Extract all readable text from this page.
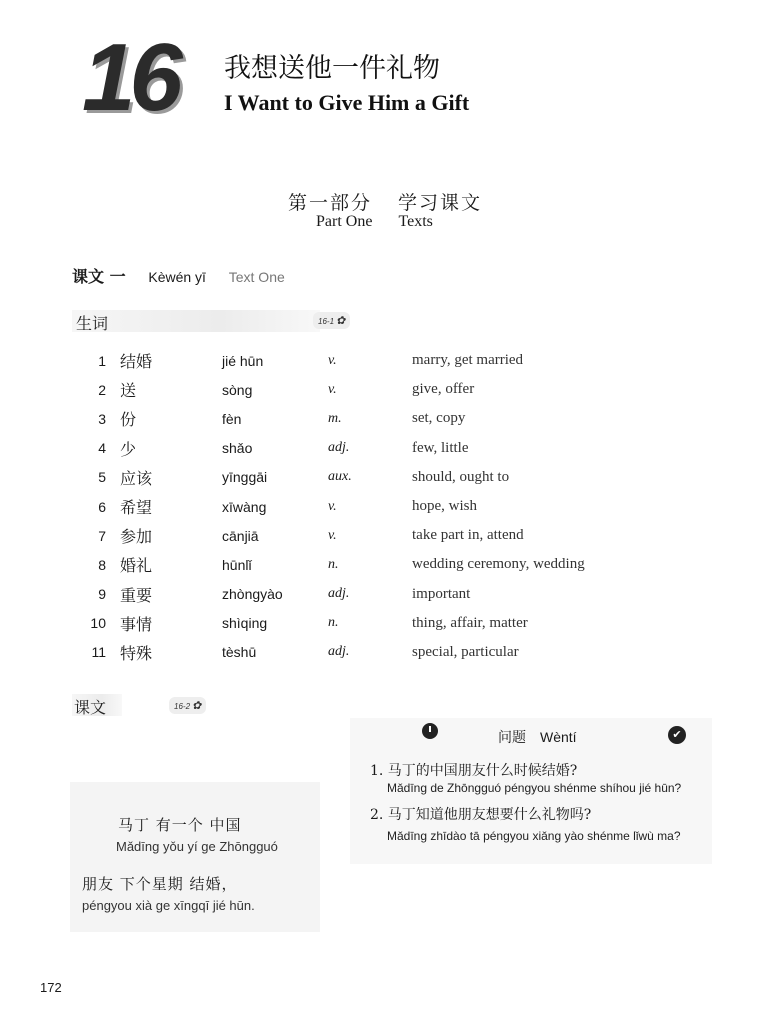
16 我想送他一件礼物
I Want to Give Him a Gift
第一部分 学习课文
Part One Texts
课文 一 Kèwén yī Text One
生词	16-1 ✿
1 结婚	jié hūn	v.	marry, get married
2 送	sòng	v.	give, offer
3 份	fèn	m.	set, copy
4 少	shǎo	adj.	few, little
5 应该	yīnggāi	aux.	should, ought to
6 希望	xīwàng	v.	hope, wish
7 参加	cānjiā	v.	take part in, attend
8 婚礼	hūnlǐ	n.	wedding ceremony, wedding
9 重要	zhòngyào	adj.	important
10 事情	shìqing	n.	thing, affair, matter
11 特殊	tèshū	adj.	special, particular
课文	16-2 ✿
马丁 有一个 中国
Mǎdīng yǒu yí ge Zhōngguó
朋友 下个星期 结婚，
péngyou xià ge xīngqī jié hūn.
问题 Wèntí	✔
1. 马丁的中国朋友什么时候结婚?
Mǎdīng de Zhōngguó péngyou shénme shíhou jié hūn?
2. 马丁知道他朋友想要什么礼物吗?
Mǎdīng zhīdào tā péngyou xiǎng yào shénme lǐwù ma?
172
